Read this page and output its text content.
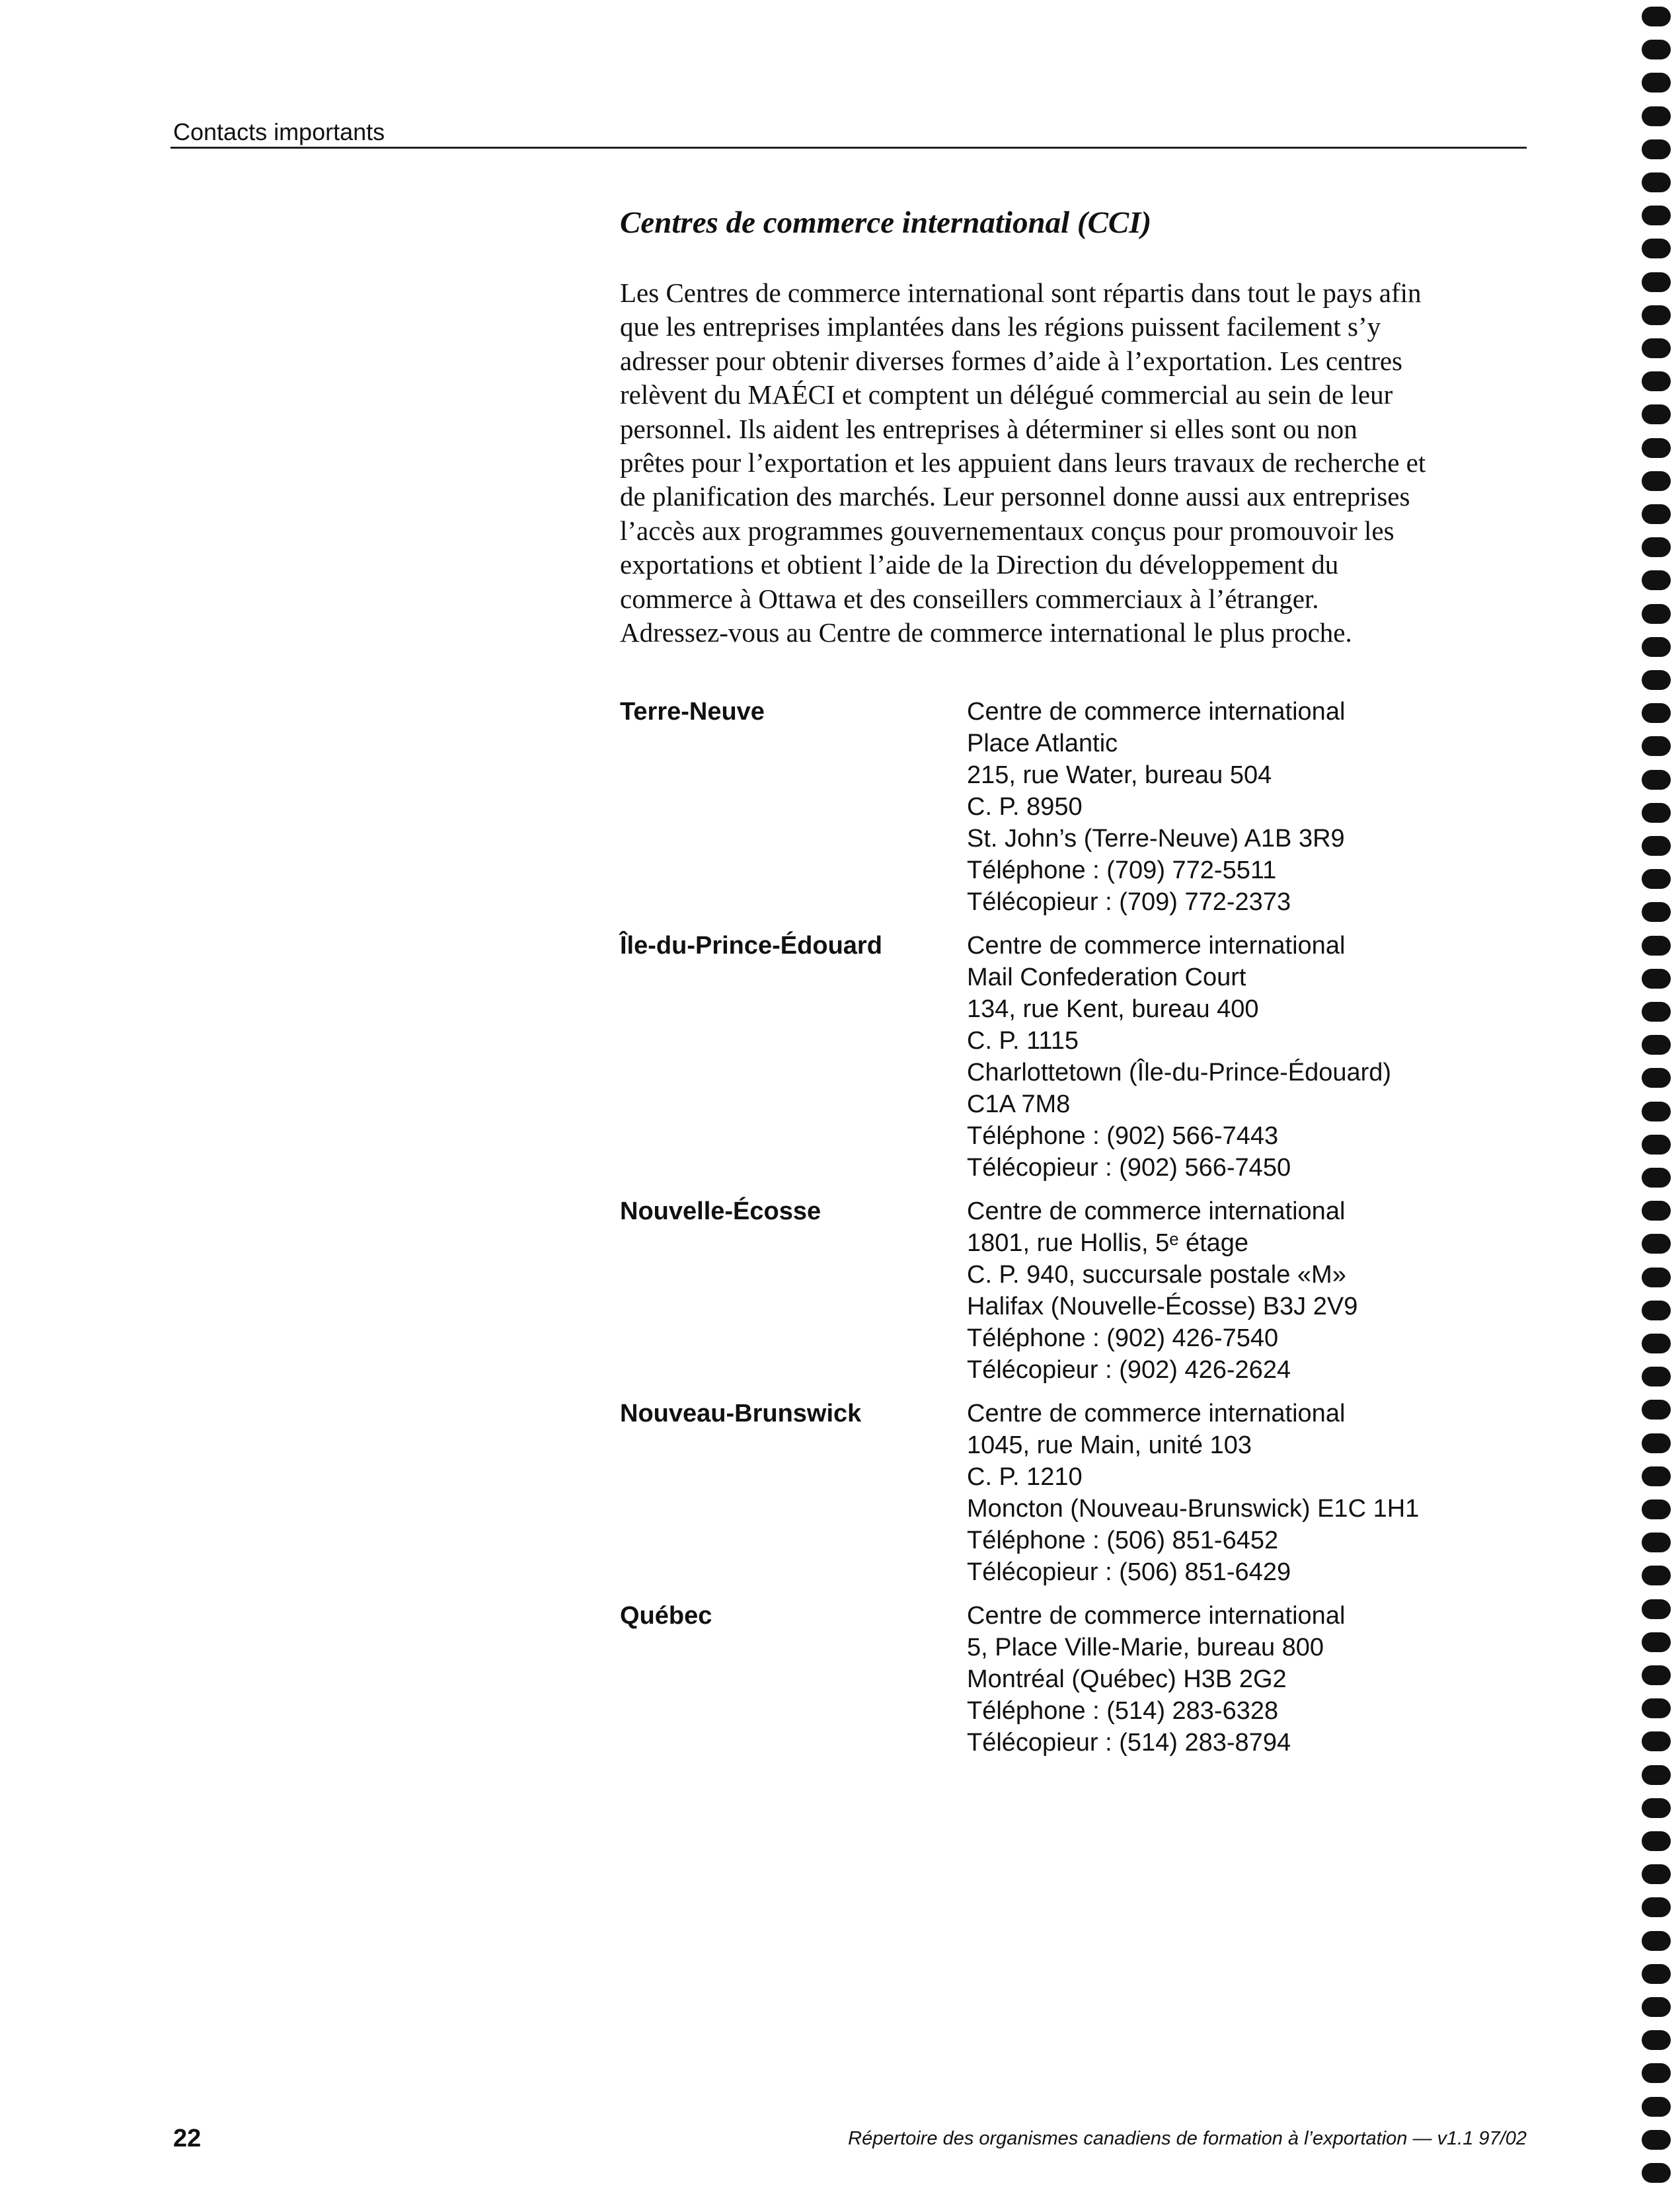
Contacts importants
Centres de commerce international (CCI)
Les Centres de commerce international sont répartis dans tout le pays afin
que les entreprises implantées dans les régions puissent facilement s’y
adresser pour obtenir diverses formes d’aide à l’exportation. Les centres
relèvent du MAÉCI et comptent un délégué commercial au sein de leur
personnel. Ils aident les entreprises à déterminer si elles sont ou non
prêtes pour l’exportation et les appuient dans leurs travaux de recherche et
de planification des marchés. Leur personnel donne aussi aux entreprises
l’accès aux programmes gouvernementaux conçus pour promouvoir les
exportations et obtient l’aide de la Direction du développement du
commerce à Ottawa et des conseillers commerciaux à l’étranger.
Adressez-vous au Centre de commerce international le plus proche.
Terre-Neuve	Centre de commerce international
Place Atlantic
215, rue Water, bureau 504
C. P. 8950
St. John’s (Terre-Neuve) A1B 3R9
Téléphone : (709) 772-5511
Télécopieur : (709) 772-2373
Île-du-Prince-Édouard	Centre de commerce international
Mail Confederation Court
134, rue Kent, bureau 400
C. P. 1115
Charlottetown (Île-du-Prince-Édouard)
C1A 7M8
Téléphone : (902) 566-7443
Télécopieur : (902) 566-7450
Nouvelle-Écosse	Centre de commerce international
1801, rue Hollis, 5ᵉ étage
C. P. 940, succursale postale «M»
Halifax (Nouvelle-Écosse) B3J 2V9
Téléphone : (902) 426-7540
Télécopieur : (902) 426-2624
Nouveau-Brunswick	Centre de commerce international
1045, rue Main, unité 103
C. P. 1210
Moncton (Nouveau-Brunswick) E1C 1H1
Téléphone : (506) 851-6452
Télécopieur : (506) 851-6429
Québec	Centre de commerce international
5, Place Ville-Marie, bureau 800
Montréal (Québec) H3B 2G2
Téléphone : (514) 283-6328
Télécopieur : (514) 283-8794
22	Répertoire des organismes canadiens de formation à l’exportation — v1.1 97/02
